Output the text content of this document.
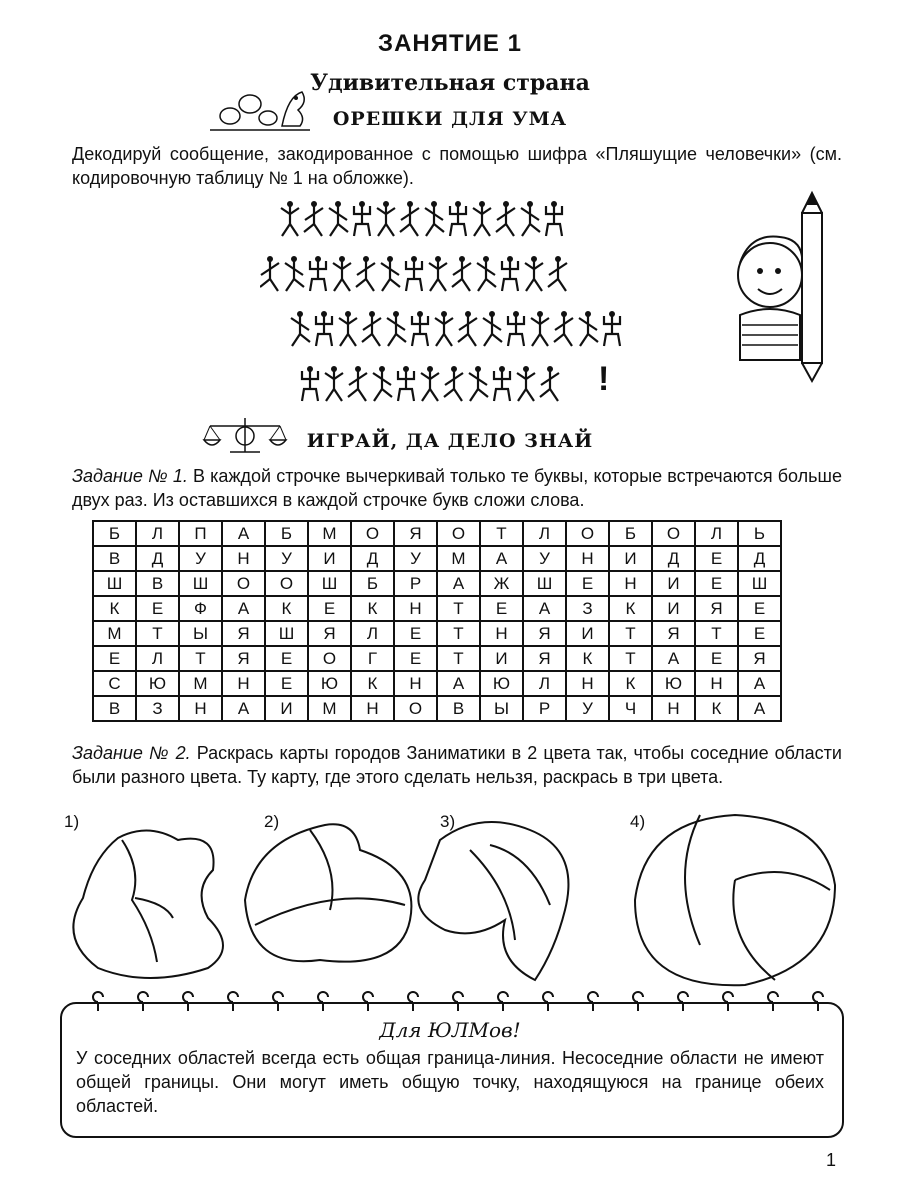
ЗАНЯТИЕ 1
Удивительная страна
ОРЕШКИ ДЛЯ УМА
Декодируй сообщение, закодированное с помощью шифра «Пляшущие человечки» (см. кодировочную таблицу № 1 на обложке).
!
ИГРАЙ, ДА ДЕЛО ЗНАЙ
Задание № 1. В каждой строчке вычеркивай только те буквы, которые встречаются больше двух раз. Из оставшихся в каждой строчке букв сложи слова.
Б	Л	П	А	Б	М	О	Я	О	Т	Л	О	Б	О	Л	Ь
В	Д	У	Н	У	И	Д	У	М	А	У	Н	И	Д	Е	Д
Ш	В	Ш	О	О	Ш	Б	Р	А	Ж	Ш	Е	Н	И	Е	Ш
К	Е	Ф	А	К	Е	К	Н	Т	Е	А	З	К	И	Я	Е
М	Т	Ы	Я	Ш	Я	Л	Е	Т	Н	Я	И	Т	Я	Т	Е
Е	Л	Т	Я	Е	О	Г	Е	Т	И	Я	К	Т	А	Е	Я
С	Ю	М	Н	Е	Ю	К	Н	А	Ю	Л	Н	К	Ю	Н	А
В	З	Н	А	И	М	Н	О	В	Ы	Р	У	Ч	Н	К	А
Задание № 2. Раскрась карты городов Заниматики в 2 цвета так, чтобы соседние области были разного цвета. Ту карту, где этого сделать нельзя, раскрась в три цвета.
1)	2)	3)	4)
Для ЮЛМов!
У соседних областей всегда есть общая граница-линия. Несоседние области не имеют общей границы. Они могут иметь общую точку, находящуюся на границе обеих областей.
1
